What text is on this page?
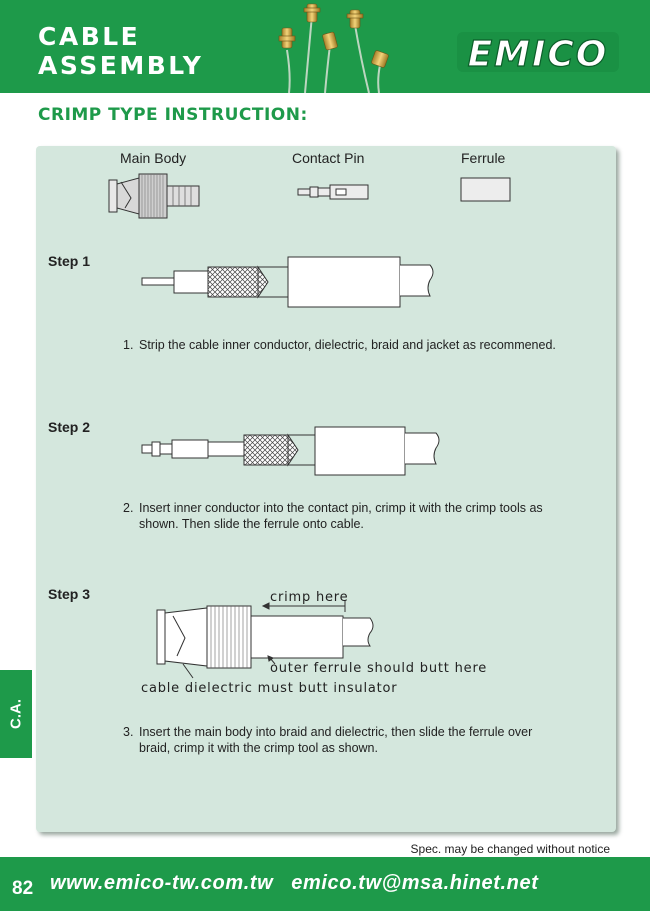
CABLE
ASSEMBLY	EMICO
CRIMP TYPE INSTRUCTION:
Main Body	Contact Pin	Ferrule
Step 1
1. Strip the cable inner conductor, dielectric, braid and jacket as recommened.
Step 2
2. Insert inner conductor into the contact pin, crimp it with the crimp tools as
shown. Then slide the ferrule onto cable.
Step 3	crimp here
outer ferrule should butt here
cable dielectric must butt insulator
3. Insert the main body into braid and dielectric, then slide the ferrule over
braid, crimp it with the crimp tool as shown.
C.A.
Spec. may be changed without notice
82 www.emico-tw.com.tw emico.tw@msa.hinet.net
